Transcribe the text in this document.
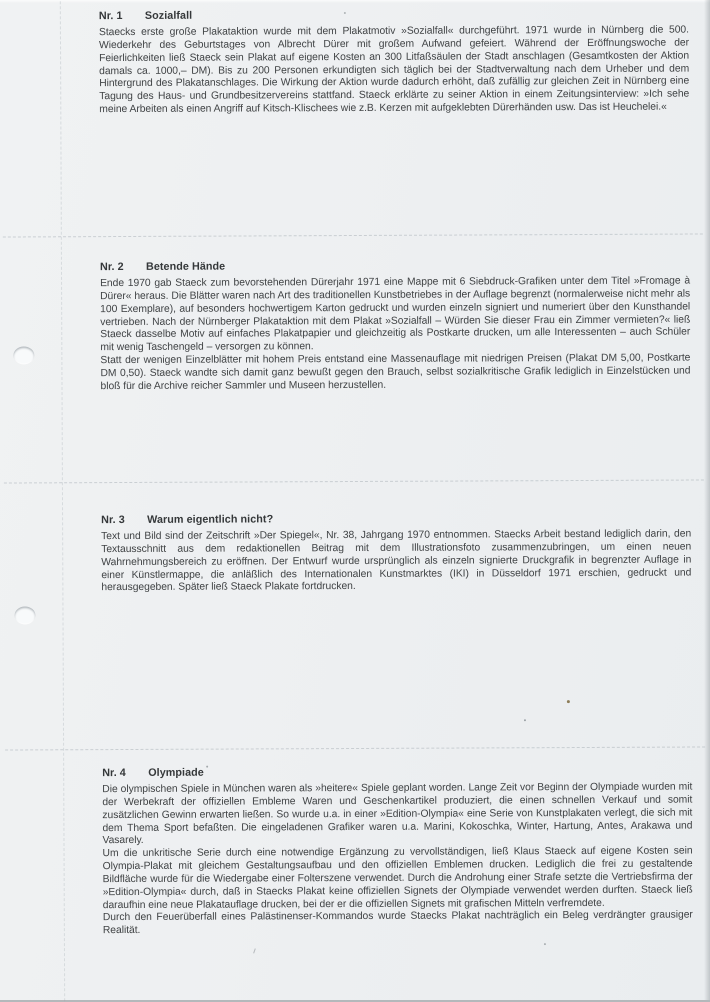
Nr. 1	Sozialfall

Staecks erste große Plakataktion wurde mit dem Plakatmotiv »Sozialfall« durchgeführt. 1971 wurde in Nürnberg die 500. Wiederkehr des Geburtstages von Albrecht Dürer mit großem Aufwand gefeiert. Während der Eröffnungswoche der Feierlichkeiten ließ Staeck sein Plakat auf eigene Kosten an 300 Litfaßsäulen der Stadt anschlagen (Gesamtkosten der Aktion damals ca. 1000,– DM). Bis zu 200 Personen erkundigten sich täglich bei der Stadtverwaltung nach dem Urheber und dem Hintergrund des Plakatanschlages. Die Wirkung der Aktion wurde dadurch erhöht, daß zufällig zur gleichen Zeit in Nürnberg eine Tagung des Haus- und Grundbesitzervereins stattfand. Staeck erklärte zu seiner Aktion in einem Zeitungsinterview: »Ich sehe meine Arbeiten als einen Angriff auf Kitsch-Klischees wie z.B. Kerzen mit aufgeklebten Dürerhänden usw. Das ist Heuchelei.«

Nr. 2	Betende Hände

Ende 1970 gab Staeck zum bevorstehenden Dürerjahr 1971 eine Mappe mit 6 Siebdruck-Grafiken unter dem Titel »Fromage à Dürer« heraus. Die Blätter waren nach Art des traditionellen Kunstbetriebes in der Auflage begrenzt (normalerweise nicht mehr als 100 Exemplare), auf besonders hochwertigem Karton gedruckt und wurden einzeln signiert und numeriert über den Kunsthandel vertrieben. Nach der Nürnberger Plakataktion mit dem Plakat »Sozialfall – Würden Sie dieser Frau ein Zimmer vermieten?« ließ Staeck dasselbe Motiv auf einfaches Plakatpapier und gleichzeitig als Postkarte drucken, um alle Interessenten – auch Schüler mit wenig Taschengeld – versorgen zu können.

Statt der wenigen Einzelblätter mit hohem Preis entstand eine Massenauflage mit niedrigen Preisen (Plakat DM 5,00, Postkarte DM 0,50). Staeck wandte sich damit ganz bewußt gegen den Brauch, selbst sozialkritische Grafik lediglich in Einzelstücken und bloß für die Archive reicher Sammler und Museen herzustellen.

Nr. 3	Warum eigentlich nicht?

Text und Bild sind der Zeitschrift »Der Spiegel«, Nr. 38, Jahrgang 1970 entnommen. Staecks Arbeit bestand lediglich darin, den Textausschnitt aus dem redaktionellen Beitrag mit dem Illustrationsfoto zusammenzubringen, um einen neuen Wahrnehmungsbereich zu eröffnen. Der Entwurf wurde ursprünglich als einzeln signierte Druckgrafik in begrenzter Auflage in einer Künstlermappe, die anläßlich des Internationalen Kunstmarktes (IKI) in Düsseldorf 1971 erschien, gedruckt und herausgegeben. Später ließ Staeck Plakate fortdrucken.

Nr. 4	Olympiade

Die olympischen Spiele in München waren als »heitere« Spiele geplant worden. Lange Zeit vor Beginn der Olympiade wurden mit der Werbekraft der offiziellen Embleme Waren und Geschenkartikel produziert, die einen schnellen Verkauf und somit zusätzlichen Gewinn erwarten ließen. So wurde u.a. in einer »Edition-Olympia« eine Serie von Kunstplakaten verlegt, die sich mit dem Thema Sport befaßten. Die eingeladenen Grafiker waren u.a. Marini, Kokoschka, Winter, Hartung, Antes, Arakawa und Vasarely.

Um die unkritische Serie durch eine notwendige Ergänzung zu vervollständigen, ließ Klaus Staeck auf eigene Kosten sein Olympia-Plakat mit gleichem Gestaltungsaufbau und den offiziellen Emblemen drucken. Lediglich die frei zu gestaltende Bildfläche wurde für die Wiedergabe einer Folterszene verwendet. Durch die Androhung einer Strafe setzte die Vertriebsfirma der »Edition-Olympia« durch, daß in Staecks Plakat keine offiziellen Signets der Olympiade verwendet werden durften. Staeck ließ daraufhin eine neue Plakatauflage drucken, bei der er die offiziellen Signets mit grafischen Mitteln verfremdete.

Durch den Feuerüberfall eines Palästinenser-Kommandos wurde Staecks Plakat nachträglich ein Beleg verdrängter grausiger Realität.
